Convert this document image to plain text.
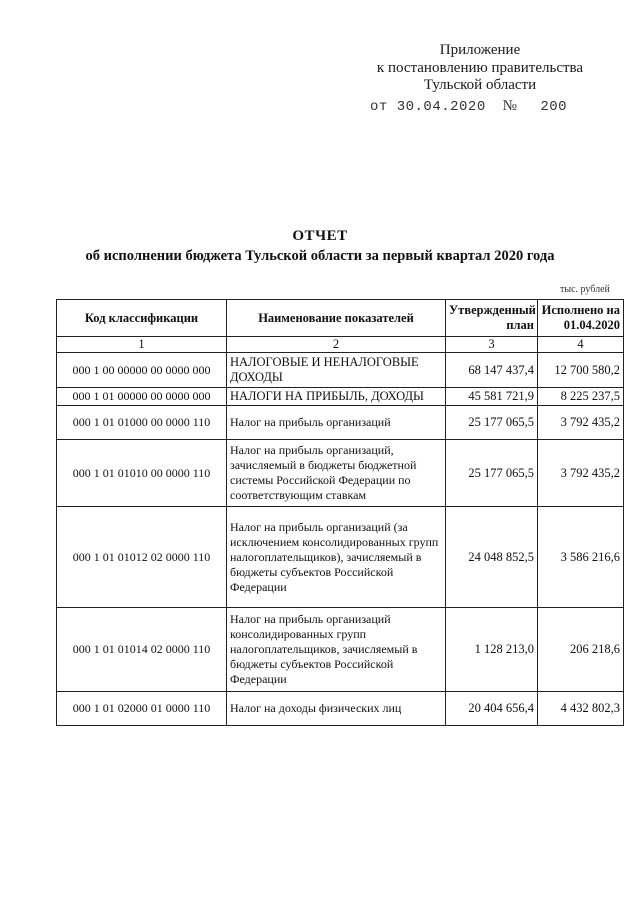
Приложение
к постановлению правительства
Тульской области
от 30.04.2020 № 200
ОТЧЕТ
об исполнении бюджета Тульской области за первый квартал 2020 года
тыс. рублей
Код классификации	Наименование показателей	Утвержденный план	Исполнено на 01.04.2020
1	2	3	4
000 1 00 00000 00 0000 000	НАЛОГОВЫЕ И НЕНАЛОГОВЫЕ ДОХОДЫ	68 147 437,4	12 700 580,2
000 1 01 00000 00 0000 000	НАЛОГИ НА ПРИБЫЛЬ, ДОХОДЫ	45 581 721,9	8 225 237,5
000 1 01 01000 00 0000 110	Налог на прибыль организаций	25 177 065,5	3 792 435,2
000 1 01 01010 00 0000 110	Налог на прибыль организаций, зачисляемый в бюджеты бюджетной системы Российской Федерации по соответствующим ставкам	25 177 065,5	3 792 435,2
000 1 01 01012 02 0000 110	Налог на прибыль организаций (за исключением консолидированных групп налогоплательщиков), зачисляемый в бюджеты субъектов Российской Федерации	24 048 852,5	3 586 216,6
000 1 01 01014 02 0000 110	Налог на прибыль организаций консолидированных групп налогоплательщиков, зачисляемый в бюджеты субъектов Российской Федерации	1 128 213,0	206 218,6
000 1 01 02000 01 0000 110	Налог на доходы физических лиц	20 404 656,4	4 432 802,3
